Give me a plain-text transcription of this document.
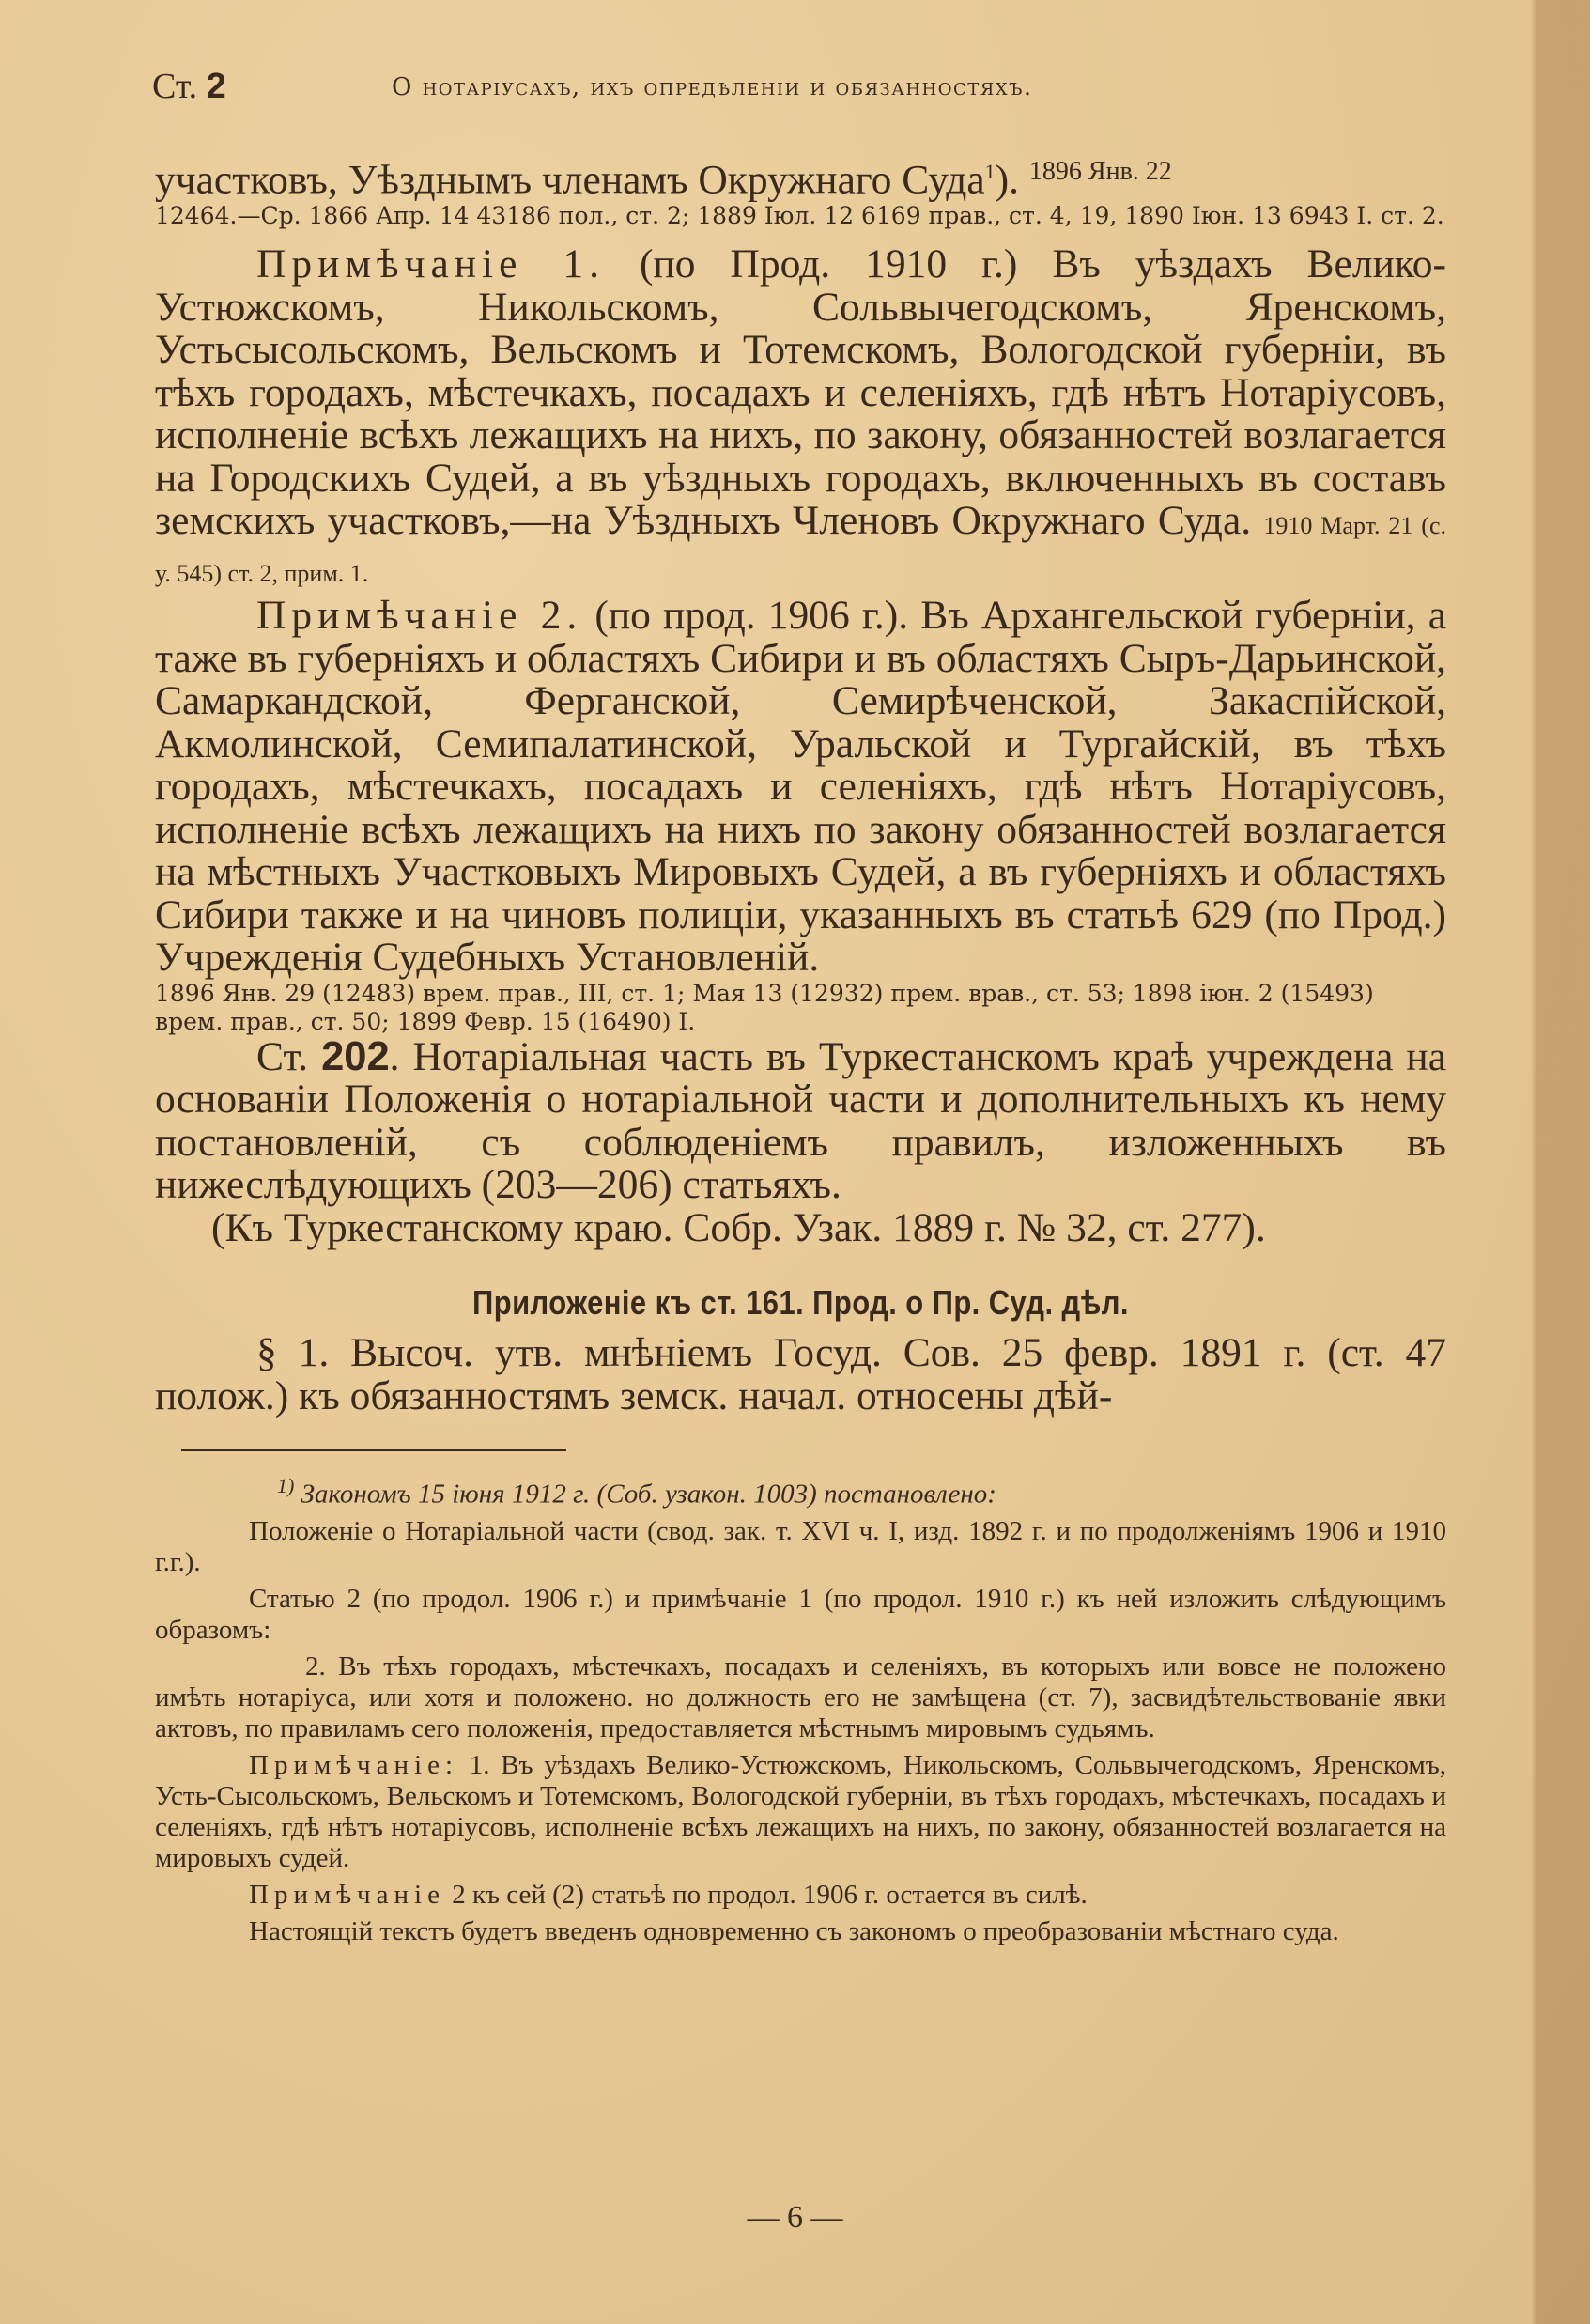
Ст. 2	О нотаріусахъ, ихъ опредѣленіи и обязанностяхъ.

участковъ, Уѣзднымъ членамъ Окружнаго Суда$^1$). $^{1896 Янв. 22}$

12464.—Ср. 1866 Апр. 14 43186 пол., ст. 2; 1889 Іюл. 12 6169 прав., ст. 4, 19, 1890 Іюн. 13 6943 І. ст. 2.

Примѣчаніе 1. (по Прод. 1910 г.) Въ уѣздахъ Велико-Устюжскомъ, Никольскомъ, Сольвычегодскомъ, Яренскомъ, Устьсысольскомъ, Вельскомъ и Тотемскомъ, Вологодской губерніи, въ тѣхъ городахъ, мѣстечкахъ, посадахъ и селеніяхъ, гдѣ нѣтъ Нотаріусовъ, исполненіе всѣхъ лежащихъ на нихъ, по закону, обязанностей возлагается на Городскихъ Судей, а въ уѣздныхъ городахъ, включенныхъ въ составъ земскихъ участковъ,—на Уѣздныхъ Членовъ Окружнаго Суда. 1910 Март. 21 (с. у. 545) ст. 2, прим. 1.

Примѣчаніе 2. (по прод. 1906 г.). Въ Архангельской губерніи, а таже въ губерніяхъ и областяхъ Сибири и въ областяхъ Сыръ-Дарьинской, Самаркандской, Ферганской, Семирѣченской, Закаспійской, Акмолинской, Семипалатинской, Уральской и Тургайскій, въ тѣхъ городахъ, мѣстечкахъ, посадахъ и селеніяхъ, гдѣ нѣтъ Нотаріусовъ, исполненіе всѣхъ лежащихъ на нихъ по закону обязанностей возлагается на мѣстныхъ Участковыхъ Мировыхъ Судей, а въ губерніяхъ и областяхъ Сибири также и на чиновъ полиціи, указанныхъ въ статьѣ 629 (по Прод.) Учрежденія Судебныхъ Установленій.

1896 Янв. 29 (12483) врем. прав., ІІІ, ст. 1; Мая 13 (12932) прем. врав., ст. 53; 1898 іюн. 2 (15493) врем. прав., ст. 50; 1899 Февр. 15 (16490) І.

Ст. 202. Нотаріальная часть въ Туркестанскомъ краѣ учреждена на основаніи Положенія о нотаріальной части и дополнительныхъ къ нему постановленій, съ соблюденіемъ правилъ, изложенныхъ въ нижеслѣдующихъ (203—206) статьяхъ.

(Къ Туркестанскому краю. Собр. Узак. 1889 г. № 32, ст. 277).

Приложеніе къ ст. 161. Прод. о Пр. Суд. дѣл.

§ 1. Высоч. утв. мнѣніемъ Госуд. Сов. 25 февр. 1891 г. (ст. 47 полож.) къ обязанностямъ земск. начал. относены дѣй-

$^{1)}$ Закономъ 15 іюня 1912 г. (Соб. узакон. 1003) постановлено:

Положеніе о Нотаріальной части (свод. зак. т. XVI ч. I, изд. 1892 г. и по продолженіямъ 1906 и 1910 г.г.).

Статью 2 (по продол. 1906 г.) и примѣчаніе 1 (по продол. 1910 г.) къ ней изложить слѣдующимъ образомъ:

2. Въ тѣхъ городахъ, мѣстечкахъ, посадахъ и селеніяхъ, въ которыхъ или вовсе не положено имѣть нотаріуса, или хотя и положено. но должность его не замѣщена (ст. 7), засвидѣтельствованіе явки актовъ, по правиламъ сего положенія, предоставляется мѣстнымъ мировымъ судьямъ.

Примѣчаніе: 1. Въ уѣздахъ Велико-Устюжскомъ, Никольскомъ, Сольвычегодскомъ, Яренскомъ, Усть-Сысольскомъ, Вельскомъ и Тотемскомъ, Вологодской губерніи, въ тѣхъ городахъ, мѣстечкахъ, посадахъ и селеніяхъ, гдѣ нѣтъ нотаріусовъ, исполненіе всѣхъ лежащихъ на нихъ, по закону, обязанностей возлагается на мировыхъ судей.

Примѣчаніе 2 къ сей (2) статьѣ по продол. 1906 г. остается въ силѣ.

Настоящій текстъ будетъ введенъ одновременно съ закономъ о преобразованіи мѣстнаго суда.

— 6 —
